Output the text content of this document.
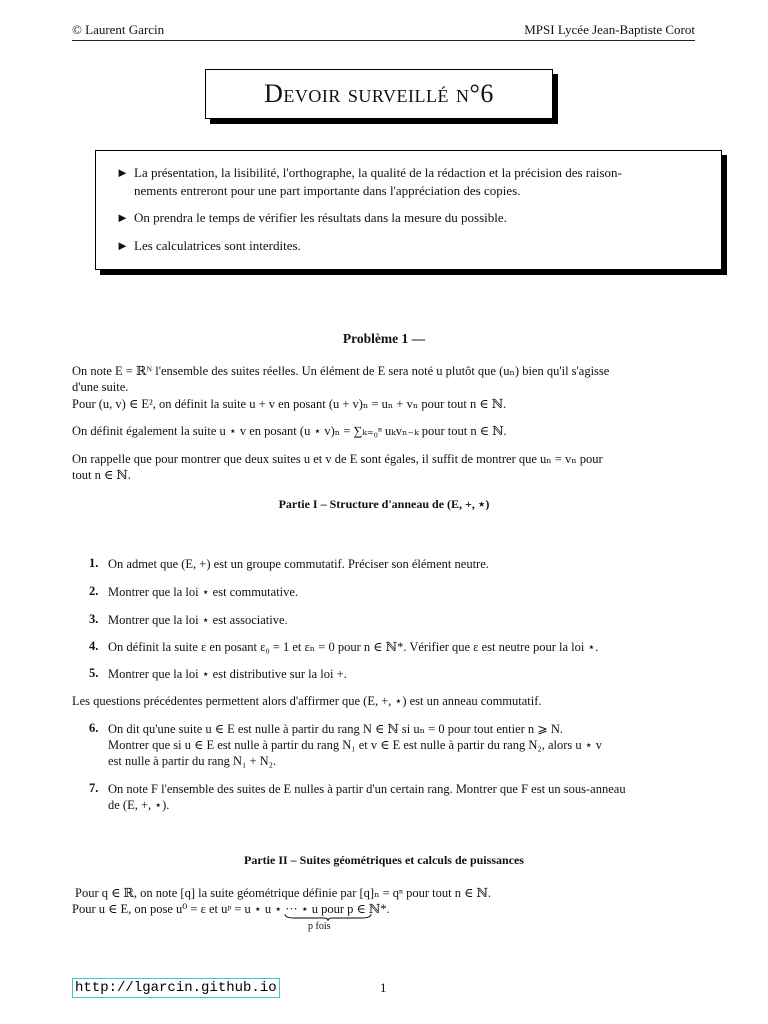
© Laurent Garcin	MPSI Lycée Jean-Baptiste Corot
Devoir surveillé n°6
► La présentation, la lisibilité, l'orthographe, la qualité de la rédaction et la précision des raison-
nements entreront pour une part importante dans l'appréciation des copies.
► On prendra le temps de vérifier les résultats dans la mesure du possible.
► Les calculatrices sont interdites.
Problème 1 —
On note E = ℝᴺ l'ensemble des suites réelles. Un élément de E sera noté u plutôt que (uₙ) bien qu'il s'agisse
d'une suite.
Pour (u, v) ∈ E², on définit la suite u + v en posant (u + v)ₙ = uₙ + vₙ pour tout n ∈ ℕ.
On définit également la suite u ⋆ v en posant (u ⋆ v)ₙ = ∑ₖ₌₀ⁿ uₖvₙ₋ₖ pour tout n ∈ ℕ.
On rappelle que pour montrer que deux suites u et v de E sont égales, il suffit de montrer que uₙ = vₙ pour
tout n ∈ ℕ.
Partie I – Structure d'anneau de (E, +, ⋆)
1. On admet que (E, +) est un groupe commutatif. Préciser son élément neutre.
2. Montrer que la loi ⋆ est commutative.
3. Montrer que la loi ⋆ est associative.
4. On définit la suite ε en posant ε₀ = 1 et εₙ = 0 pour n ∈ ℕ*. Vérifier que ε est neutre pour la loi ⋆.
5. Montrer que la loi ⋆ est distributive sur la loi +.
Les questions précédentes permettent alors d'affirmer que (E, +, ⋆) est un anneau commutatif.
6. On dit qu'une suite u ∈ E est nulle à partir du rang N ∈ ℕ si uₙ = 0 pour tout entier n ⩾ N.
Montrer que si u ∈ E est nulle à partir du rang N₁ et v ∈ E est nulle à partir du rang N₂, alors u ⋆ v
est nulle à partir du rang N₁ + N₂.
7. On note F l'ensemble des suites de E nulles à partir d'un certain rang. Montrer que F est un sous-anneau
de (E, +, ⋆).
Partie II – Suites géométriques et calculs de puissances
Pour q ∈ ℝ, on note [q] la suite géométrique définie par [q]ₙ = qⁿ pour tout n ∈ ℕ.
Pour u ∈ E, on pose u⁰ = ε et uᵖ = u ⋆ u ⋆ ··· ⋆ u pour p ∈ ℕ*.
p fois
http://lgarcin.github.io	1
